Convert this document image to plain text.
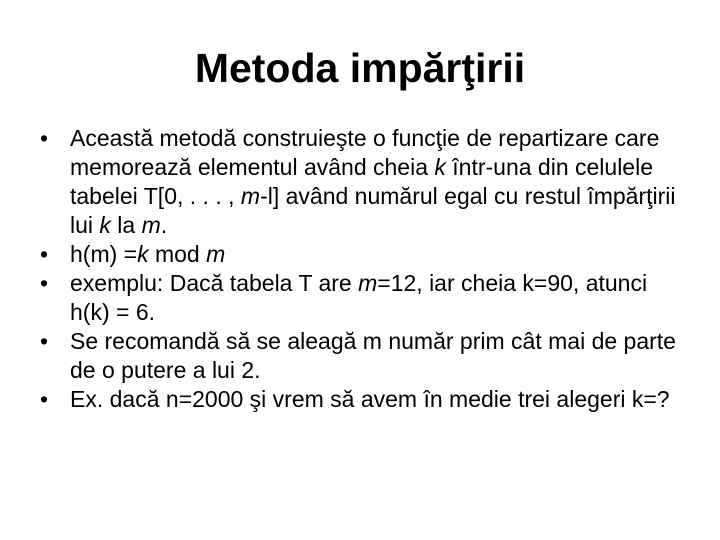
Metoda impărţirii
• Această metodă construieşte o funcţie de repartizare care memorează elementul având cheia k într-una din celulele tabelei T[0, . . . , m-l] având numărul egal cu restul împărţirii lui k la m.
• h(m) =k mod m
• exemplu: Dacă tabela T are m=12, iar cheia k=90, atunci h(k) = 6.
• Se recomandă să se aleagă m număr prim cât mai de parte de o putere a lui 2.
• Ex. dacă n=2000 şi vrem să avem în medie trei alegeri k=?
